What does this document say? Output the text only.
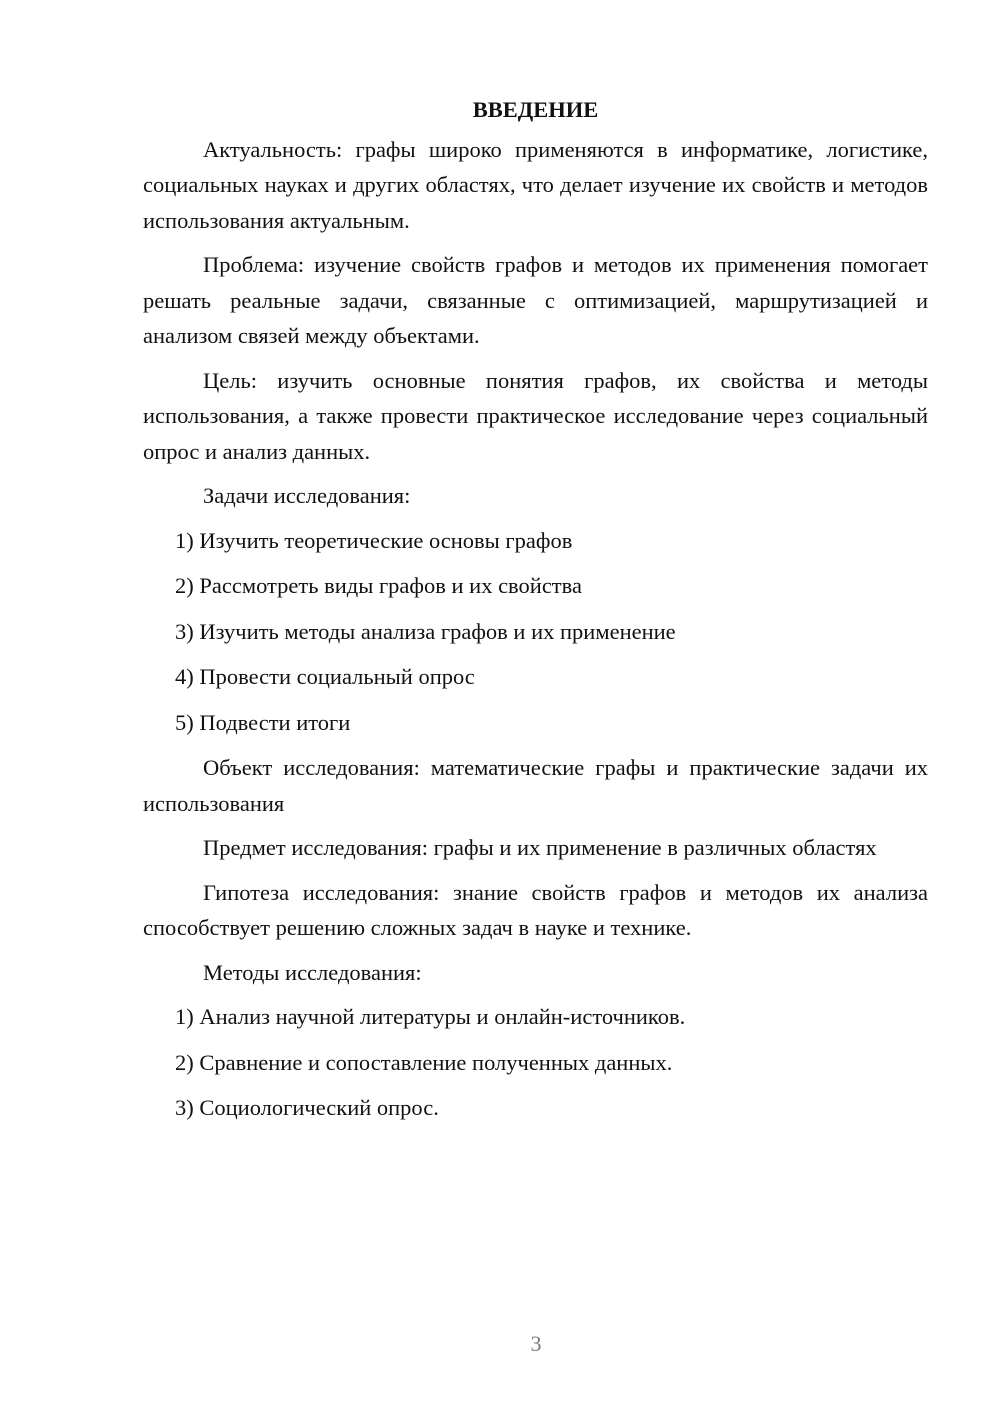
ВВЕДЕНИЕ

Актуальность: графы широко применяются в информатике, логистике, социальных науках и других областях, что делает изучение их свойств и методов использования актуальным.

Проблема: изучение свойств графов и методов их применения помогает решать реальные задачи, связанные с оптимизацией, маршрутизацией и анализом связей между объектами.

Цель: изучить основные понятия графов, их свойства и методы использования, а также провести практическое исследование через социальный опрос и анализ данных.

Задачи исследования:

1) Изучить теоретические основы графов
2) Рассмотреть виды графов и их свойства
3) Изучить методы анализа графов и их применение
4) Провести социальный опрос
5) Подвести итоги

Объект исследования: математические графы и практические задачи их использования

Предмет исследования: графы и их применение в различных областях

Гипотеза исследования: знание свойств графов и методов их анализа способствует решению сложных задач в науке и технике.

Методы исследования:

1) Анализ научной литературы и онлайн-источников.
2) Сравнение и сопоставление полученных данных.
3) Социологический опрос.
3
